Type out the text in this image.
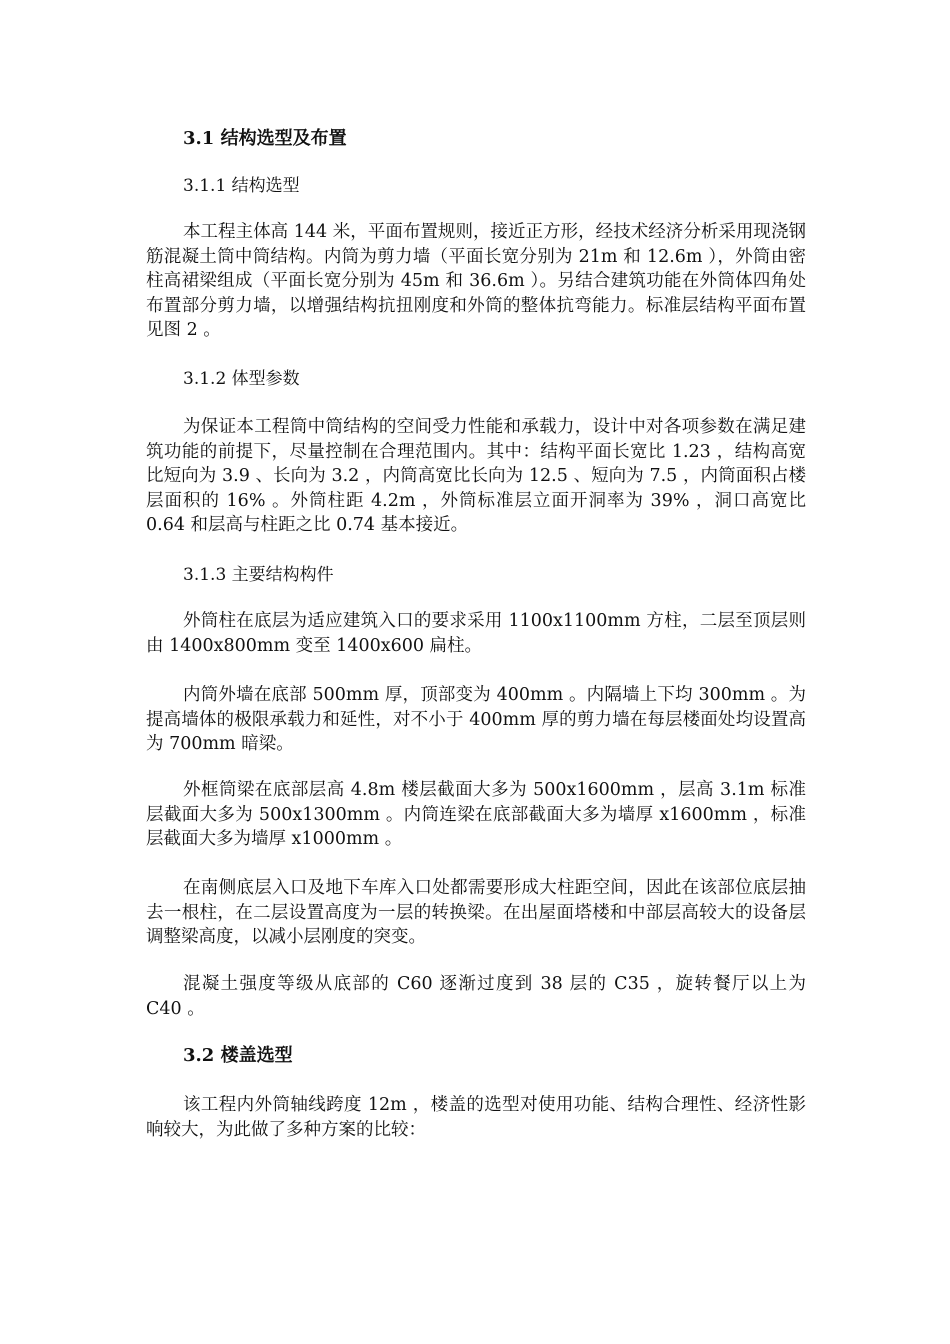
3.1 结构选型及布置
3.1.1 结构选型
本工程主体高 144 米，平面布置规则，接近正方形，经技术经济分析采用现浇钢筋混凝土筒中筒结构。内筒为剪力墙（平面长宽分别为 21m 和 12.6m ），外筒由密柱高裙梁组成（平面长宽分别为 45m 和 36.6m ）。另结合建筑功能在外筒体四角处布置部分剪力墙，以增强结构抗扭刚度和外筒的整体抗弯能力。标准层结构平面布置见图 2 。
3.1.2 体型参数
为保证本工程筒中筒结构的空间受力性能和承载力，设计中对各项参数在满足建筑功能的前提下，尽量控制在合理范围内。其中：结构平面长宽比 1.23 ，结构高宽比短向为 3.9 、长向为 3.2 ，内筒高宽比长向为 12.5 、短向为 7.5 ，内筒面积占楼层面积的 16% 。外筒柱距 4.2m ，外筒标准层立面开洞率为 39% ，洞口高宽比 0.64 和层高与柱距之比 0.74 基本接近。
3.1.3 主要结构构件
外筒柱在底层为适应建筑入口的要求采用 1100x1100mm 方柱，二层至顶层则由 1400x800mm 变至 1400x600 扁柱。
内筒外墙在底部 500mm 厚，顶部变为 400mm 。内隔墙上下均 300mm 。为提高墙体的极限承载力和延性，对不小于 400mm 厚的剪力墙在每层楼面处均设置高为 700mm 暗梁。
外框筒梁在底部层高 4.8m 楼层截面大多为 500x1600mm ，层高 3.1m 标准层截面大多为 500x1300mm 。内筒连梁在底部截面大多为墙厚 x1600mm ，标准层截面大多为墙厚 x1000mm 。
在南侧底层入口及地下车库入口处都需要形成大柱距空间，因此在该部位底层抽去一根柱，在二层设置高度为一层的转换梁。在出屋面塔楼和中部层高较大的设备层调整梁高度，以减小层刚度的突变。
混凝土强度等级从底部的 C60 逐渐过度到 38 层的 C35 ，旋转餐厅以上为 C40 。
3.2 楼盖选型
该工程内外筒轴线跨度 12m ，楼盖的选型对使用功能、结构合理性、经济性影响较大，为此做了多种方案的比较：
